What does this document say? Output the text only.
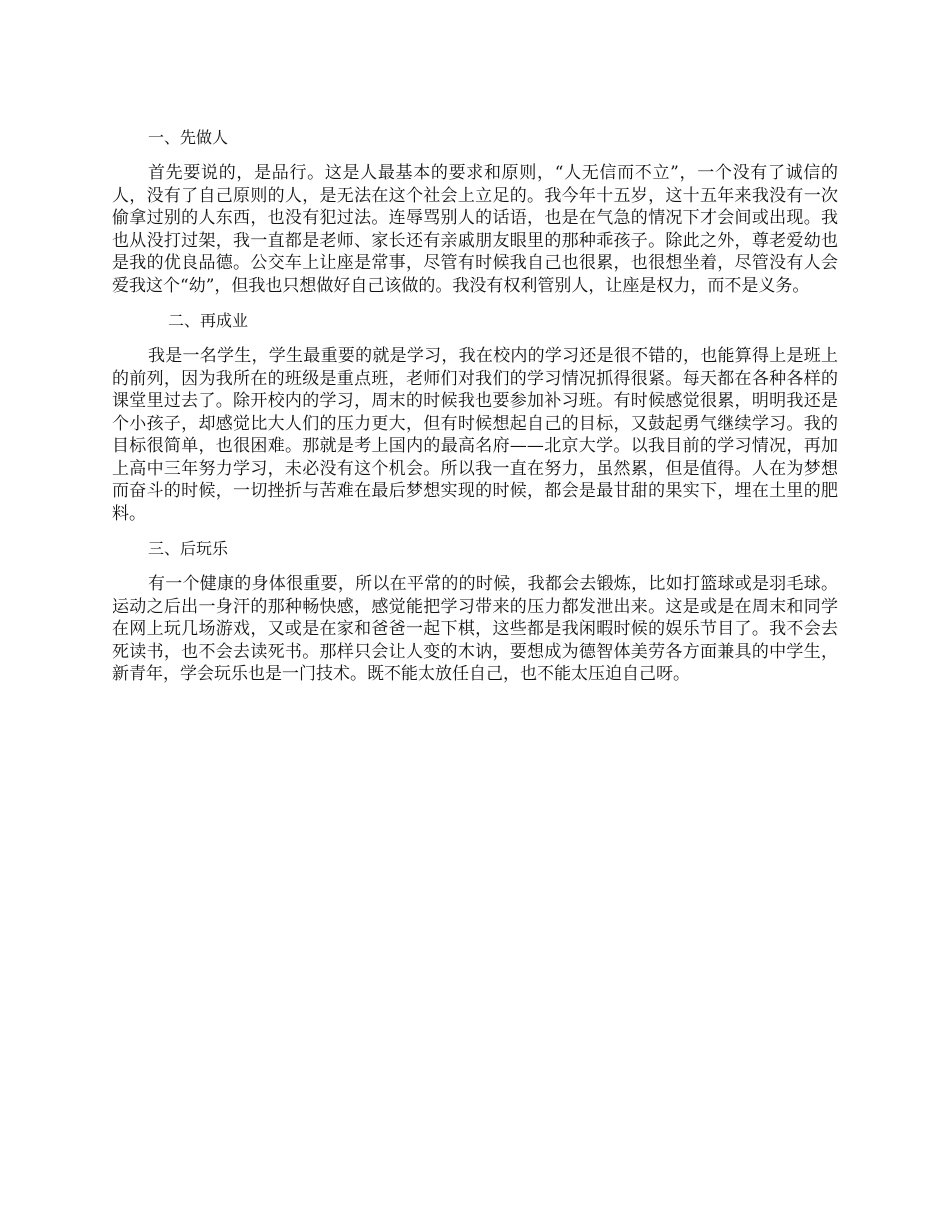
一、先做人

首先要说的，是品行。这是人最基本的要求和原则，“人无信而不立”，一个没有了诚信的人，没有了自己原则的人，是无法在这个社会上立足的。我今年十五岁，这十五年来我没有一次偷拿过别的人东西，也没有犯过法。连辱骂别人的话语，也是在气急的情况下才会间或出现。我也从没打过架，我一直都是老师、家长还有亲戚朋友眼里的那种乖孩子。除此之外，尊老爱幼也是我的优良品德。公交车上让座是常事，尽管有时候我自己也很累，也很想坐着，尽管没有人会爱我这个“幼”，但我也只想做好自己该做的。我没有权利管别人，让座是权力，而不是义务。

二、再成业

我是一名学生，学生最重要的就是学习，我在校内的学习还是很不错的，也能算得上是班上的前列，因为我所在的班级是重点班，老师们对我们的学习情况抓得很紧。每天都在各种各样的课堂里过去了。除开校内的学习，周末的时候我也要参加补习班。有时候感觉很累，明明我还是个小孩子，却感觉比大人们的压力更大，但有时候想起自己的目标，又鼓起勇气继续学习。我的目标很简单，也很困难。那就是考上国内的最高名府——北京大学。以我目前的学习情况，再加上高中三年努力学习，未必没有这个机会。所以我一直在努力，虽然累，但是值得。人在为梦想而奋斗的时候，一切挫折与苦难在最后梦想实现的时候，都会是最甘甜的果实下，埋在土里的肥料。

三、后玩乐

有一个健康的身体很重要，所以在平常的的时候，我都会去锻炼，比如打篮球或是羽毛球。运动之后出一身汗的那种畅快感，感觉能把学习带来的压力都发泄出来。这是或是在周末和同学在网上玩几场游戏，又或是在家和爸爸一起下棋，这些都是我闲暇时候的娱乐节目了。我不会去死读书，也不会去读死书。那样只会让人变的木讷，要想成为德智体美劳各方面兼具的中学生，新青年，学会玩乐也是一门技术。既不能太放任自己，也不能太压迫自己呀。
